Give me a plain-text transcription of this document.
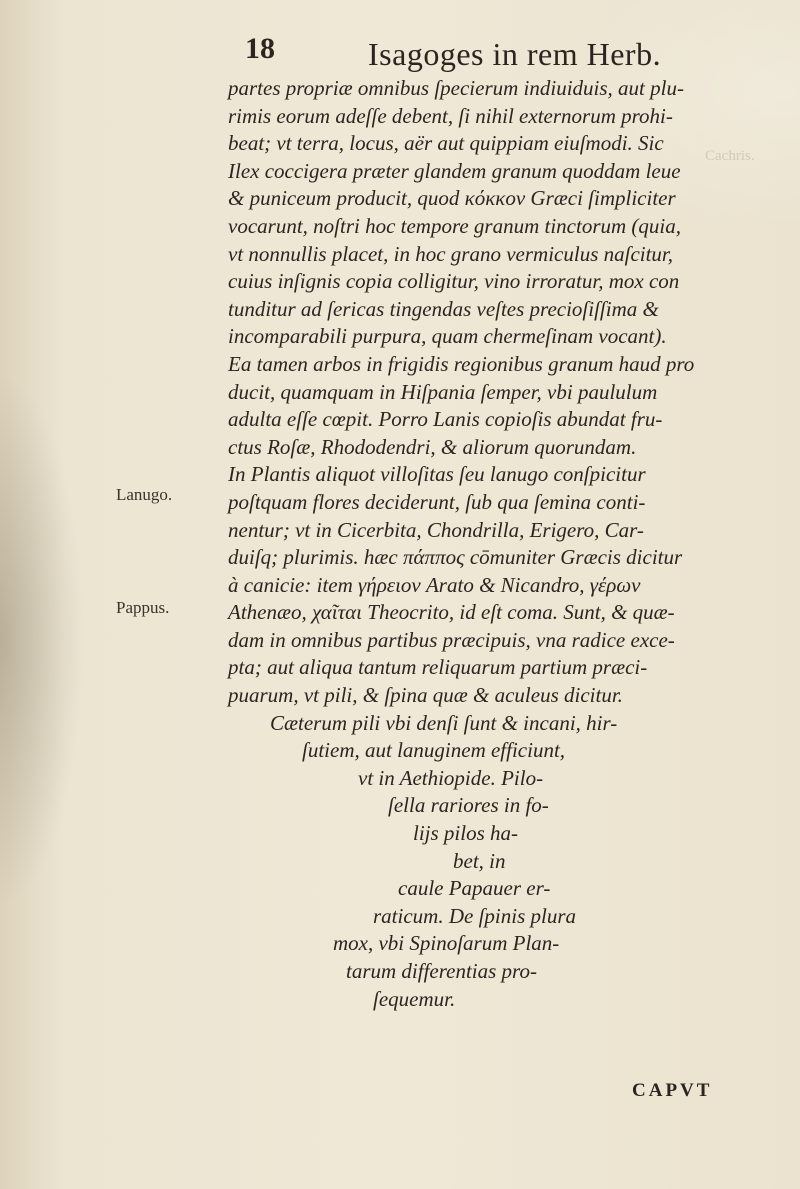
Cachris.
18	Isagoges in rem Herb.
Lanugo.
Pappus.
partes propriæ omnibus ſpecierum indiuiduis, aut plu-
rimis eorum adeſſe debent, ſi nihil externorum prohi-
beat; vt terra, locus, aër aut quippiam eiuſmodi. Sic
Ilex coccigera præter glandem granum quoddam leue
& puniceum producit, quod κόκκον Græci ſimpliciter
vocarunt, noſtri hoc tempore granum tinctorum (quia,
vt nonnullis placet, in hoc grano vermiculus naſcitur,
cuius inſignis copia colligitur, vino irroratur, mox con
tunditur ad ſericas tingendas veſtes precioſiſſima &
incomparabili purpura, quam chermeſinam vocant).
Ea tamen arbos in frigidis regionibus granum haud pro
ducit, quamquam in Hiſpania ſemper, vbi paululum
adulta eſſe cœpit. Porro Lanis copioſis abundat fru-
ctus Roſæ, Rhododendri, & aliorum quorundam.
In Plantis aliquot villoſitas ſeu lanugo conſpicitur
poſtquam flores deciderunt, ſub qua ſemina conti-
nentur; vt in Cicerbita, Chondrilla, Erigero, Car-
duiſq; plurimis. hæc πάππος cōmuniter Græcis dicitur
à canicie: item γήρειον Arato & Nicandro, γέρων
Athenæo, χαῖται Theocrito, id eſt coma. Sunt, & quæ-
dam in omnibus partibus præcipuis, vna radice exce-
pta; aut aliqua tantum reliquarum partium præci-
puarum, vt pili, & ſpina quæ & aculeus dicitur.
Cæterum pili vbi denſi ſunt & incani, hir-
ſutiem, aut lanuginem efficiunt,
vt in Aethiopide. Pilo-
ſella rariores in fo-
lijs pilos ha-
bet, in
caule Papauer er-
raticum. De ſpinis plura
mox, vbi Spinoſarum Plan-
tarum differentias pro-
ſequemur.
CAPVT
